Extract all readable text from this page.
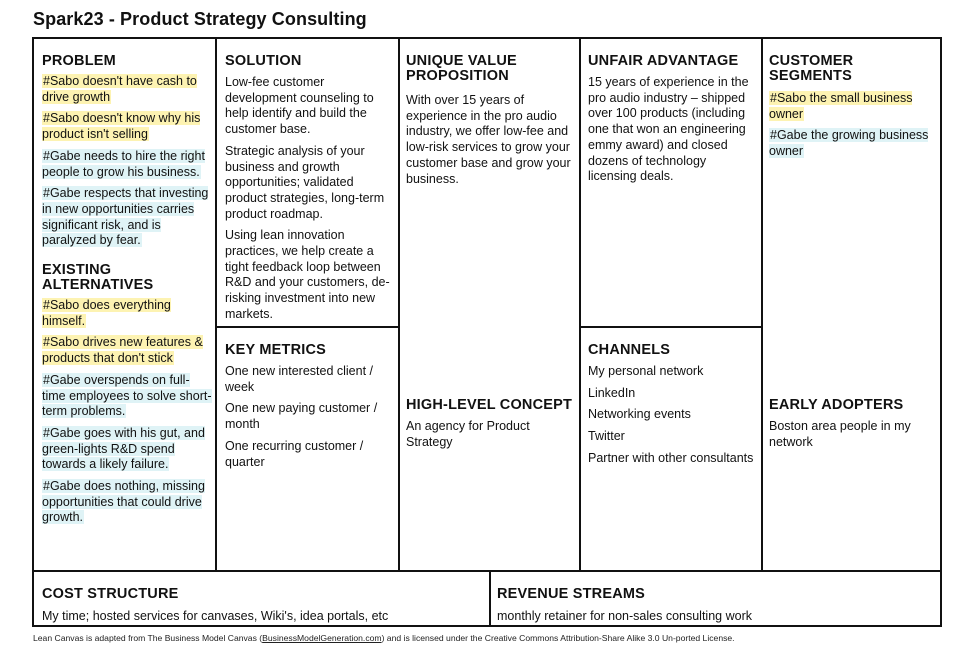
Spark23 - Product Strategy Consulting
PROBLEM
#Sabo doesn't have cash to drive growth
#Sabo doesn't know why his product isn't selling
#Gabe needs to hire the right people to grow his business.
#Gabe respects that investing in new opportunities carries significant risk, and is paralyzed by fear.
EXISTING ALTERNATIVES
#Sabo does everything himself.
#Sabo drives new features & products that don't stick
#Gabe overspends on full-time employees to solve short-term problems.
#Gabe goes with his gut, and green-lights R&D spend towards a likely failure.
#Gabe does nothing, missing opportunities that could drive growth.
SOLUTION
Low-fee customer development counseling to help identify and build the customer base.
Strategic analysis of your business and growth opportunities; validated product strategies, long-term product roadmap.
Using lean innovation practices, we help create a tight feedback loop between R&D and your customers, de-risking investment into new markets.
KEY METRICS
One new interested client / week
One new paying customer / month
One recurring customer / quarter
UNIQUE VALUE PROPOSITION
With over 15 years of experience in the pro audio industry, we offer low-fee and low-risk services to grow your customer base and grow your business.
HIGH-LEVEL CONCEPT
An agency for Product Strategy
UNFAIR ADVANTAGE
15 years of experience in the pro audio industry – shipped over 100 products (including one that won an engineering emmy award) and closed dozens of technology licensing deals.
CHANNELS
My personal network
LinkedIn
Networking events
Twitter
Partner with other consultants
CUSTOMER SEGMENTS
#Sabo the small business owner
#Gabe the growing business owner
EARLY ADOPTERS
Boston area people in my network
COST STRUCTURE
My time; hosted services for canvases, Wiki's, idea portals, etc
REVENUE STREAMS
monthly retainer for non-sales consulting work
Lean Canvas is adapted from The Business Model Canvas (BusinessModelGeneration.com) and is licensed under the Creative Commons Attribution-Share Alike 3.0 Un-ported License.
